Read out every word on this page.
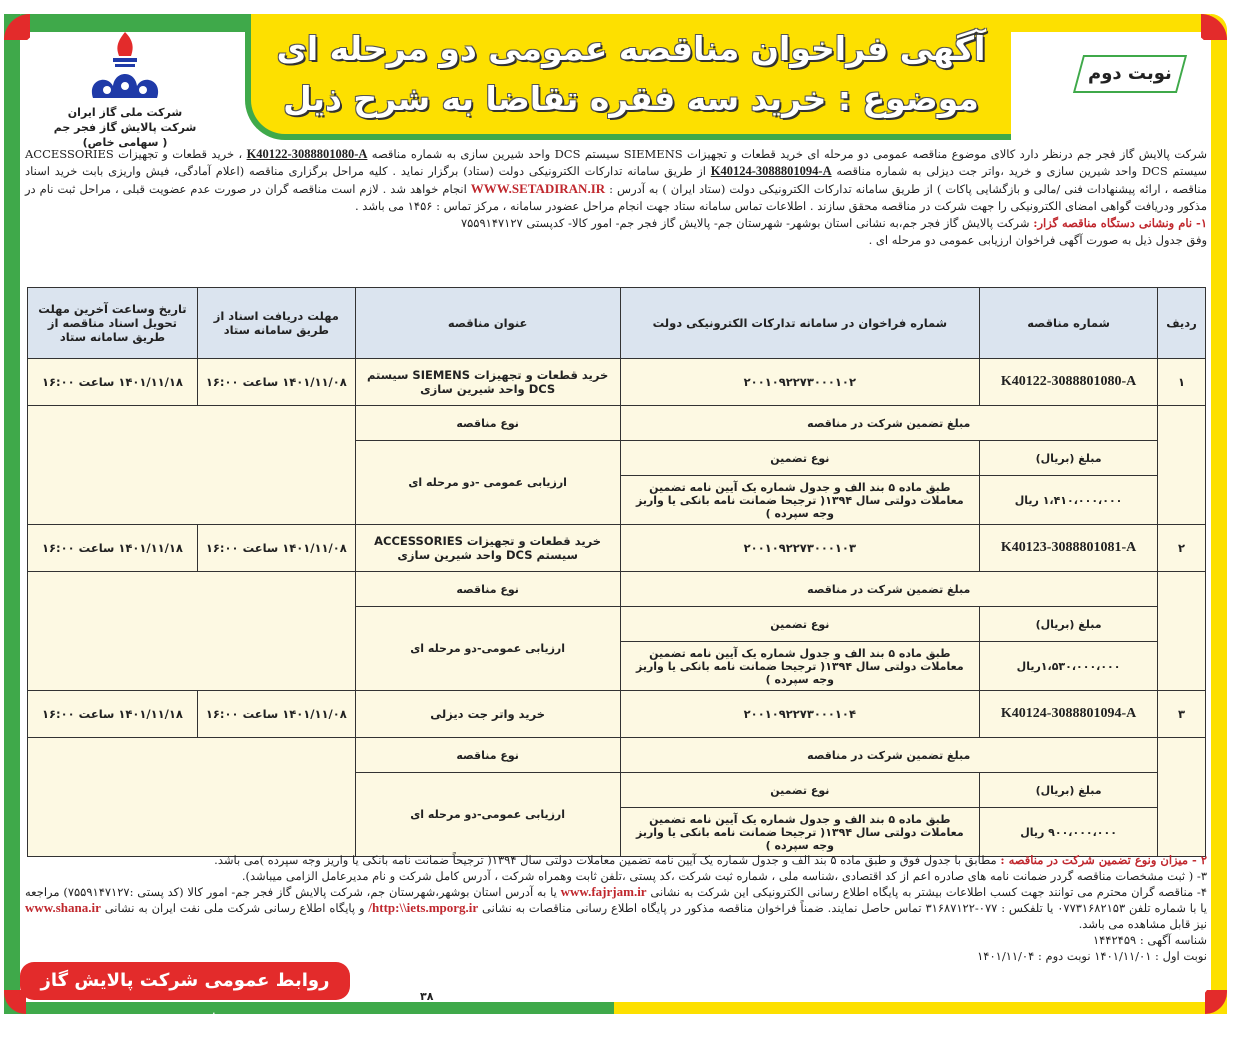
آگهی فراخوان مناقصه عمومی دو مرحله ای
موضوع : خرید سه فقره تقاضا به شرح ذیل
شرکت ملی گاز ایران
شرکت پالایش گاز فجر جم
( سهامی خاص)
نوبت دوم

شرکت پالایش گاز فجر جم درنظر دارد کالای موضوع مناقصه عمومی دو مرحله ای خرید قطعات و تجهیزات SIEMENS سیستم DCS واحد شیرین سازی به شماره مناقصه K40122-3088801080-A ، خرید قطعات و تجهیزات ACCESSORIES سیستم DCS واحد شیرین سازی و خرید ،واتر جت دیزلی به شماره مناقصه K40124-3088801094-A از طریق سامانه تدارکات الکترونیکی دولت (ستاد) برگزار نماید . کلیه مراحل برگزاری مناقصه (اعلام آمادگی، فیش واریزی بابت خرید اسناد مناقصه ، ارائه پیشنهادات فنی /مالی و بازگشایی پاکات ) از طریق سامانه تدارکات الکترونیکی دولت (ستاد ایران ) به آدرس : WWW.SETADIRAN.IR انجام خواهد شد . لازم است مناقصه گران در صورت عدم عضویت قبلی ، مراحل ثبت نام در مذکور ودریافت گواهی امضای الکترونیکی را جهت شرکت در مناقصه محقق سازند . اطلاعات تماس سامانه ستاد جهت انجام مراحل عضودر سامانه ، مرکز تماس : ۱۴۵۶ می باشد .

۱- نام ونشانی دستگاه مناقصه گزار: شرکت پالایش گاز فجر جم،به نشانی استان بوشهر- شهرستان جم- پالایش گاز فجر جم- امور کالا- کدپستی ۷۵۵۹۱۴۷۱۲۷

وفق جدول ذیل به صورت آگهی فراخوان ارزیابی عمومی دو مرحله ای .

ردیف	شماره مناقصه	شماره فراخوان در سامانه تدارکات الکترونیکی دولت	عنوان مناقصه	مهلت دریافت اسناد از طریق سامانه ستاد	تاریخ وساعت آخرین مهلت تحویل اسناد مناقصه از طریق سامانه ستاد
۱	K40122-3088801080-A	۲۰۰۱۰۹۲۲۷۳۰۰۰۱۰۲	خرید قطعات و تجهیزات SIEMENS سیستم DCS واحد شیرین سازی	۱۴۰۱/۱۱/۰۸ ساعت ۱۶:۰۰	۱۴۰۱/۱۱/۱۸ ساعت ۱۶:۰۰
	مبلغ تضمین شرکت در مناقصه		نوع مناقصه		
	مبلغ (بریال)	نوع تضمین	ارزیابی عمومی -دو مرحله ای		
	۱،۴۱۰،۰۰۰،۰۰۰ ریال	طبق ماده ۵ بند الف و جدول شماره یک آیین نامه تضمین معاملات دولتی سال ۱۳۹۴( ترجیحا ضمانت نامه بانکی یا واریز وجه سپرده )			
۲	K40123-3088801081-A	۲۰۰۱۰۹۲۲۷۳۰۰۰۱۰۳	خرید قطعات و تجهیزات ACCESSORIES سیستم DCS واحد شیرین سازی	۱۴۰۱/۱۱/۰۸ ساعت ۱۶:۰۰	۱۴۰۱/۱۱/۱۸ ساعت ۱۶:۰۰
	مبلغ تضمین شرکت در مناقصه		نوع مناقصه		
	مبلغ (بریال)	نوع تضمین	ارزیابی عمومی-دو مرحله ای		
	۱،۵۳۰،۰۰۰،۰۰۰ریال	طبق ماده ۵ بند الف و جدول شماره یک آیین نامه تضمین معاملات دولتی سال ۱۳۹۴( ترجیحا ضمانت نامه بانکی یا واریز وجه سپرده )			
۳	K40124-3088801094-A	۲۰۰۱۰۹۲۲۷۳۰۰۰۱۰۴	خرید واتر جت دیزلی	۱۴۰۱/۱۱/۰۸ ساعت ۱۶:۰۰	۱۴۰۱/۱۱/۱۸ ساعت ۱۶:۰۰
	مبلغ تضمین شرکت در مناقصه		نوع مناقصه		
	مبلغ (بریال)	نوع تضمین	ارزیابی عمومی-دو مرحله ای		
	۹۰۰،۰۰۰،۰۰۰ ریال	طبق ماده ۵ بند الف و جدول شماره یک آیین نامه تضمین معاملات دولتی سال ۱۳۹۴( ترجیحا ضمانت نامه بانکی یا واریز وجه سپرده )			

۲ - میزان ونوع تضمین شرکت در مناقصه : مطابق با جدول فوق و طبق ماده ۵ بند الف و جدول شماره یک آیین نامه تضمین معاملات دولتی سال ۱۳۹۴( ترجیحاً ضمانت نامه بانکی یا واریز وجه سپرده )می باشد.

۳- ( ثبت مشخصات مناقصه گردر ضمانت نامه های صادره اعم از کد اقتصادی ،شناسه ملی ، شماره ثبت شرکت ،کد پستی ،تلفن ثابت وهمراه شرکت ، آدرس کامل شرکت و نام مدیرعامل الزامی میباشد).

۴- مناقصه گران محترم می توانند جهت کسب اطلاعات بیشتر به پایگاه اطلاع رسانی الکترونیکی این شرکت به نشانی www.fajrjam.ir یا به آدرس استان بوشهر،شهرستان جم، شرکت پالایش گاز فجر جم- امور کالا (کد پستی :۷۵۵۹۱۴۷۱۲۷) مراجعه یا با شماره تلفن ۰۷۷۳۱۶۸۲۱۵۳ یا تلفکس : ۰۷۷-۳۱۶۸۷۱۲۲ تماس حاصل نمایند. ضمناً فراخوان مناقصه مذکور در پایگاه اطلاع رسانی مناقصات به نشانی http:\\iets.mporg.ir/ و پایگاه اطلاع رسانی شرکت ملی نفت ایران به نشانی www.shana.ir نیز قابل مشاهده می باشد.

شناسه آگهی : ۱۴۴۲۴۵۹

نوبت اول : ۱۴۰۱/۱۱/۰۱ نوبت دوم : ۱۴۰۱/۱۱/۰۴

روابط عمومی شرکت پالایش گاز فجر جم
۳۸
